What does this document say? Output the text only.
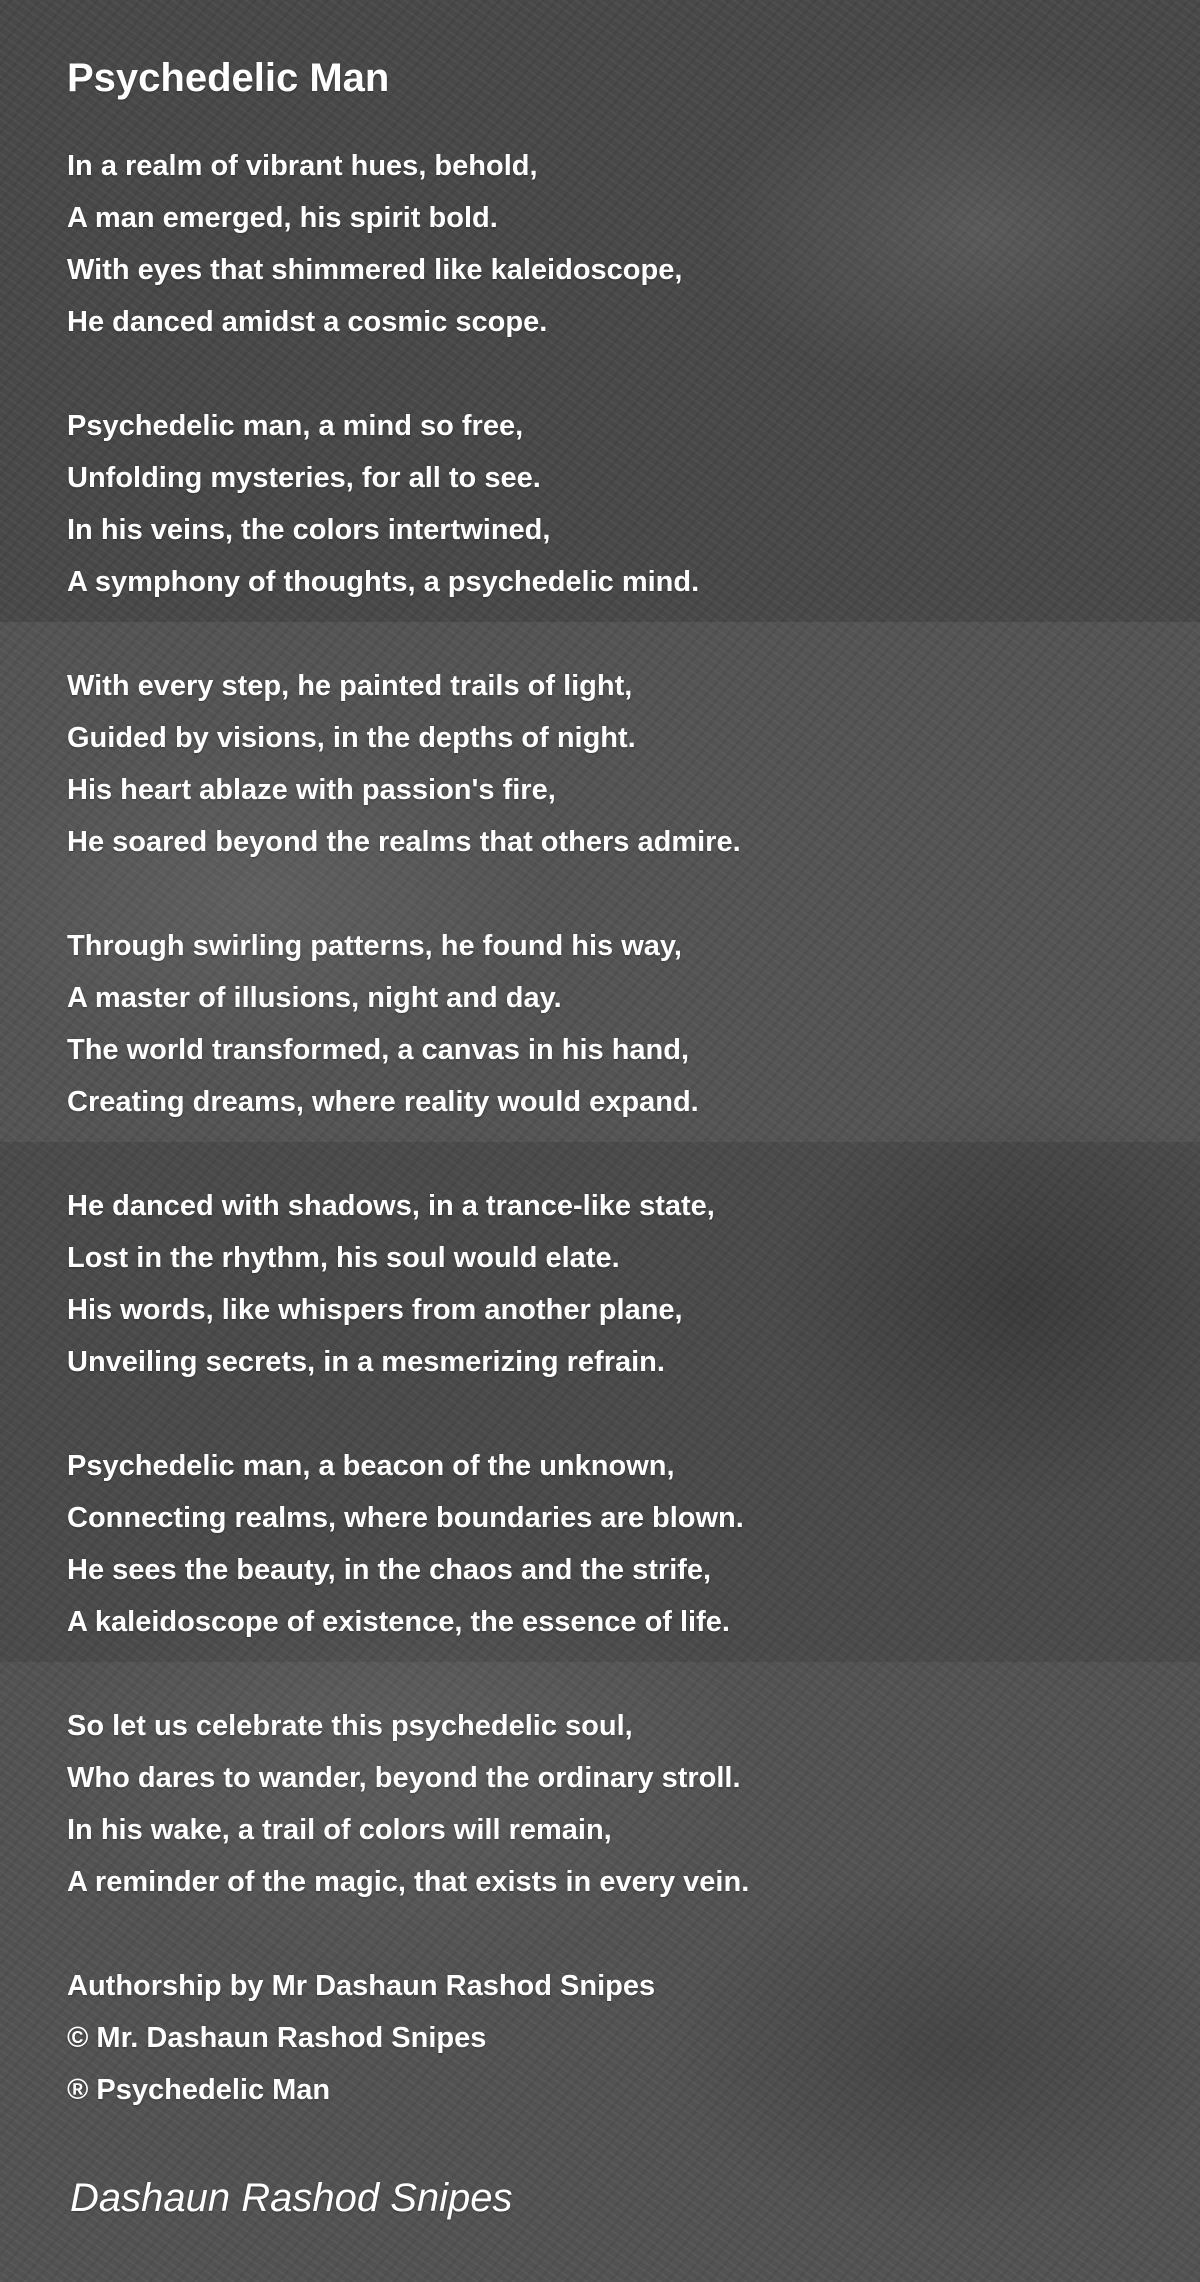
Psychedelic Man
In a realm of vibrant hues, behold,
A man emerged, his spirit bold.
With eyes that shimmered like kaleidoscope,
He danced amidst a cosmic scope.
Psychedelic man, a mind so free,
Unfolding mysteries, for all to see.
In his veins, the colors intertwined,
A symphony of thoughts, a psychedelic mind.
With every step, he painted trails of light,
Guided by visions, in the depths of night.
His heart ablaze with passion's fire,
He soared beyond the realms that others admire.
Through swirling patterns, he found his way,
A master of illusions, night and day.
The world transformed, a canvas in his hand,
Creating dreams, where reality would expand.
He danced with shadows, in a trance-like state,
Lost in the rhythm, his soul would elate.
His words, like whispers from another plane,
Unveiling secrets, in a mesmerizing refrain.
Psychedelic man, a beacon of the unknown,
Connecting realms, where boundaries are blown.
He sees the beauty, in the chaos and the strife,
A kaleidoscope of existence, the essence of life.
So let us celebrate this psychedelic soul,
Who dares to wander, beyond the ordinary stroll.
In his wake, a trail of colors will remain,
A reminder of the magic, that exists in every vein.
Authorship by Mr Dashaun Rashod Snipes
© Mr. Dashaun Rashod Snipes
® Psychedelic Man
Dashaun Rashod Snipes
